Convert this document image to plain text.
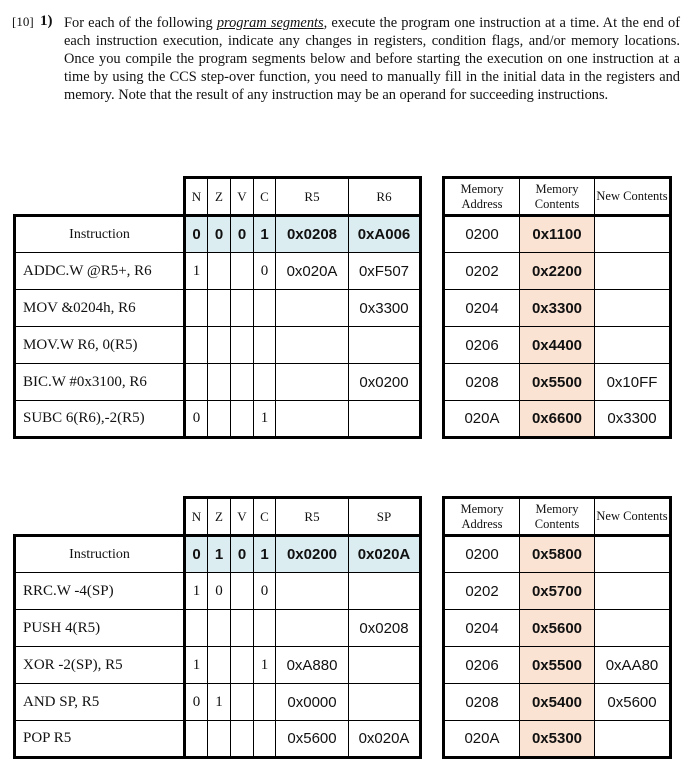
[10] 1) For each of the following program segments, execute the program one instruction at a time. At the end of each instruction execution, indicate any changes in registers, condition flags, and/or memory locations. Once you compile the program segments below and before starting the execution on one instruction at a time by using the CCS step-over function, you need to manually fill in the initial data in the registers and memory. Note that the result of any instruction may be an operand for succeeding instructions.
	N	Z	V	C	R5	R6
Instruction	0	0	0	1	0x0208	0xA006
ADDC.W @R5+, R6	1			0	0x020A	0xF507
MOV &0204h, R6						0x3300
MOV.W R6, 0(R5)						
BIC.W #0x3100, R6						0x0200
SUBC 6(R6),-2(R5)	0			1		
Memory Address	Memory Contents	New Contents
0200	0x1100	
0202	0x2200	
0204	0x3300	
0206	0x4400	
0208	0x5500	0x10FF
020A	0x6600	0x3300
	N	Z	V	C	R5	SP
Instruction	0	1	0	1	0x0200	0x020A
RRC.W -4(SP)	1	0		0		
PUSH 4(R5)						0x0208
XOR -2(SP), R5	1			1	0xA880	
AND SP, R5	0	1			0x0000	
POP R5					0x5600	0x020A
Memory Address	Memory Contents	New Contents
0200	0x5800	
0202	0x5700	
0204	0x5600	
0206	0x5500	0xAA80
0208	0x5400	0x5600
020A	0x5300	
